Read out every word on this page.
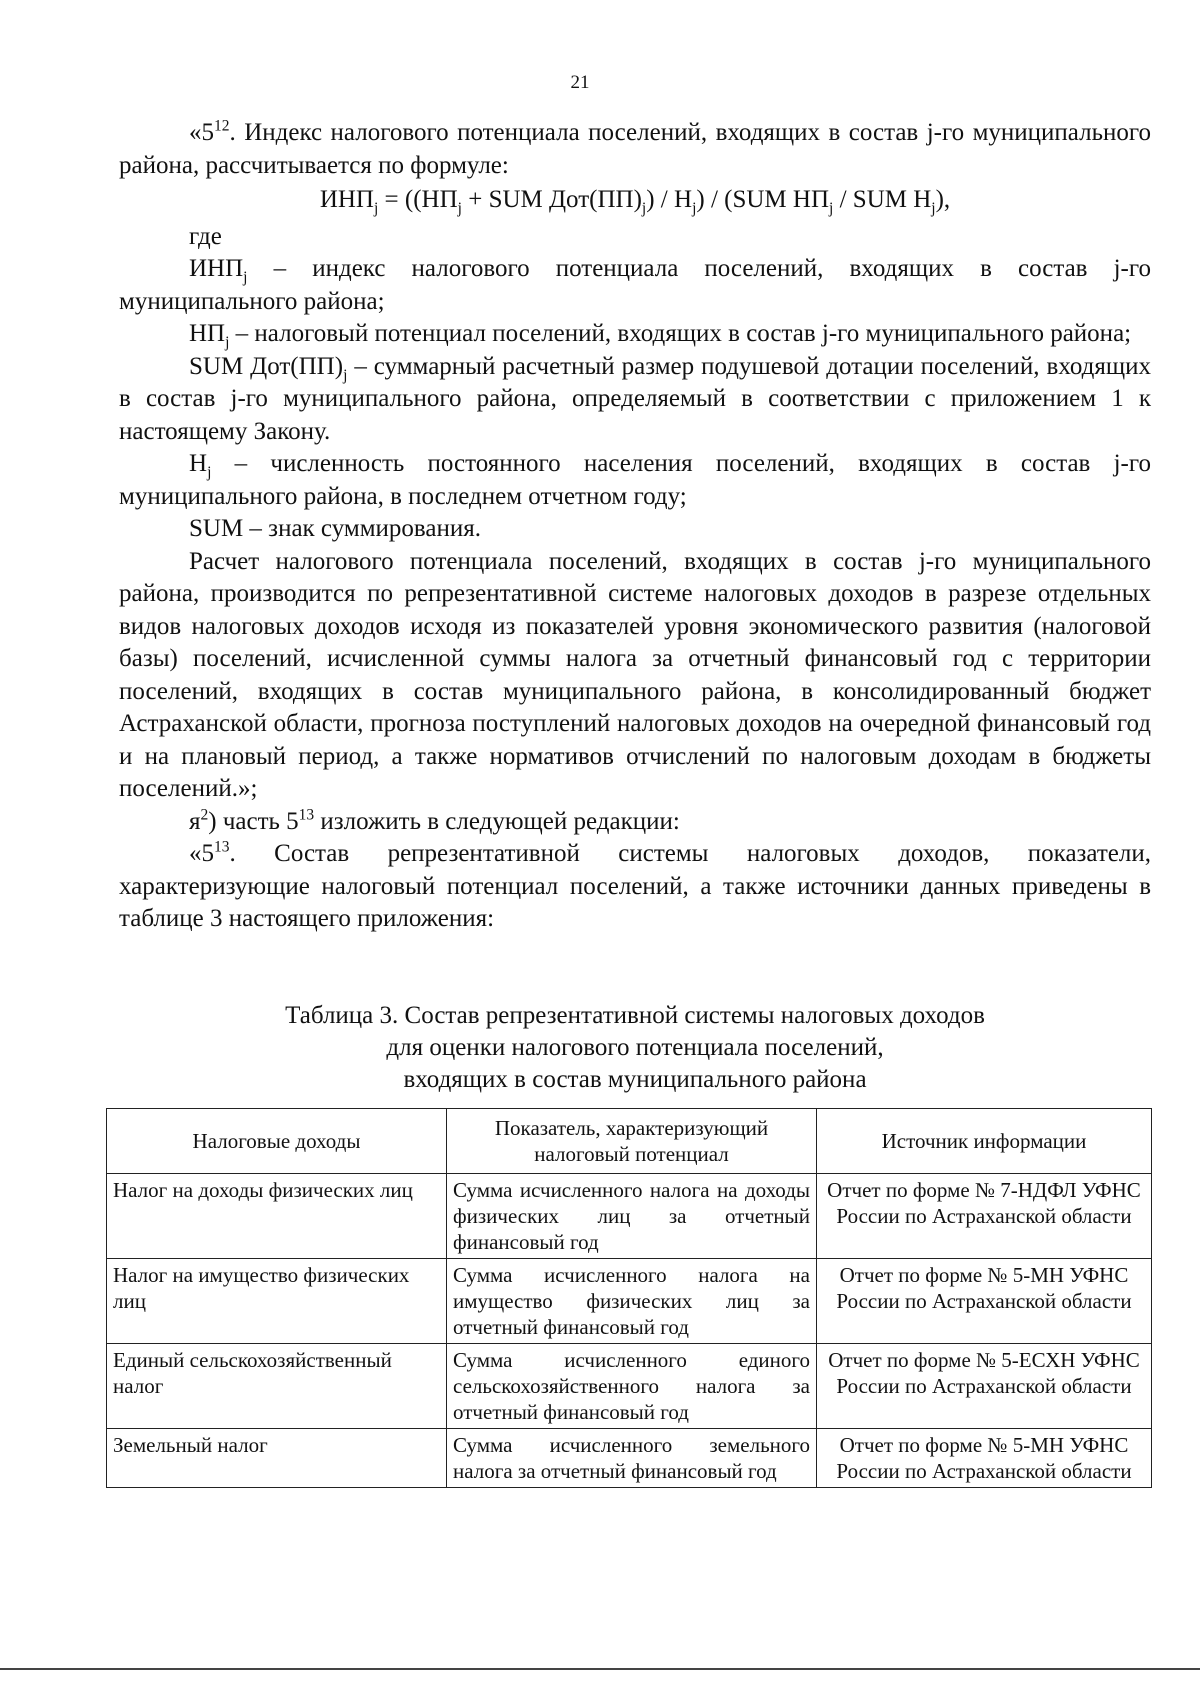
21

«$5^{12}$. Индекс налогового потенциала поселений, входящих в состав j-го муниципального района, рассчитывается по формуле:

$ИНП_j = ((НП_j$ + SUM $Дот(ПП)_j) / Н_j) / (SUM$ $НП_j$ / SUM $Н_j$),

где

$ИНП_j$ – индекс налогового потенциала поселений, входящих в состав j-го муниципального района;

$НП_j$ – налоговый потенциал поселений, входящих в состав j-го муниципального района;

SUM $Дот(ПП)_j$ – суммарный расчетный размер подушевой дотации поселений, входящих в состав j-го муниципального района, определяемый в соответствии с приложением 1 к настоящему Закону.

$Н_j$ – численность постоянного населения поселений, входящих в состав j-го муниципального района, в последнем отчетном году;

SUM – знак суммирования.

Расчет налогового потенциала поселений, входящих в состав j-го муниципального района, производится по репрезентативной системе налоговых доходов в разрезе отдельных видов налоговых доходов исходя из показателей уровня экономического развития (налоговой базы) поселений, исчисленной суммы налога за отчетный финансовый год с территории поселений, входящих в состав муниципального района, в консолидированный бюджет Астраханской области, прогноза поступлений налоговых доходов на очередной финансовый год и на плановый период, а также нормативов отчислений по налоговым доходам в бюджеты поселений.»;

$я^2$) часть $5^{13}$ изложить в следующей редакции:

«$5^{13}$. Состав репрезентативной системы налоговых доходов, показатели, характеризующие налоговый потенциал поселений, а также источники данных приведены в таблице 3 настоящего приложения:

Таблица 3. Состав репрезентативной системы налоговых доходов
для оценки налогового потенциала поселений,
входящих в состав муниципального района
Налоговые доходы	Показатель, характеризующий налоговый потенциал	Источник информации
Налог на доходы физических лиц	Сумма исчисленного налога на доходы физических лиц за отчетный финансовый год	Отчет по форме № 7-НДФЛ УФНС России по Астраханской области
Налог на имущество физических лиц	Сумма исчисленного налога на имущество физических лиц за отчетный финансовый год	Отчет по форме № 5-МН УФНС России по Астраханской области
Единый сельскохозяйственный налог	Сумма исчисленного единого сельскохозяйственного налога за отчетный финансовый год	Отчет по форме № 5-ЕСХН УФНС России по Астраханской области
Земельный налог	Сумма исчисленного земельного налога за отчетный финансовый год	Отчет по форме № 5-МН УФНС России по Астраханской области
